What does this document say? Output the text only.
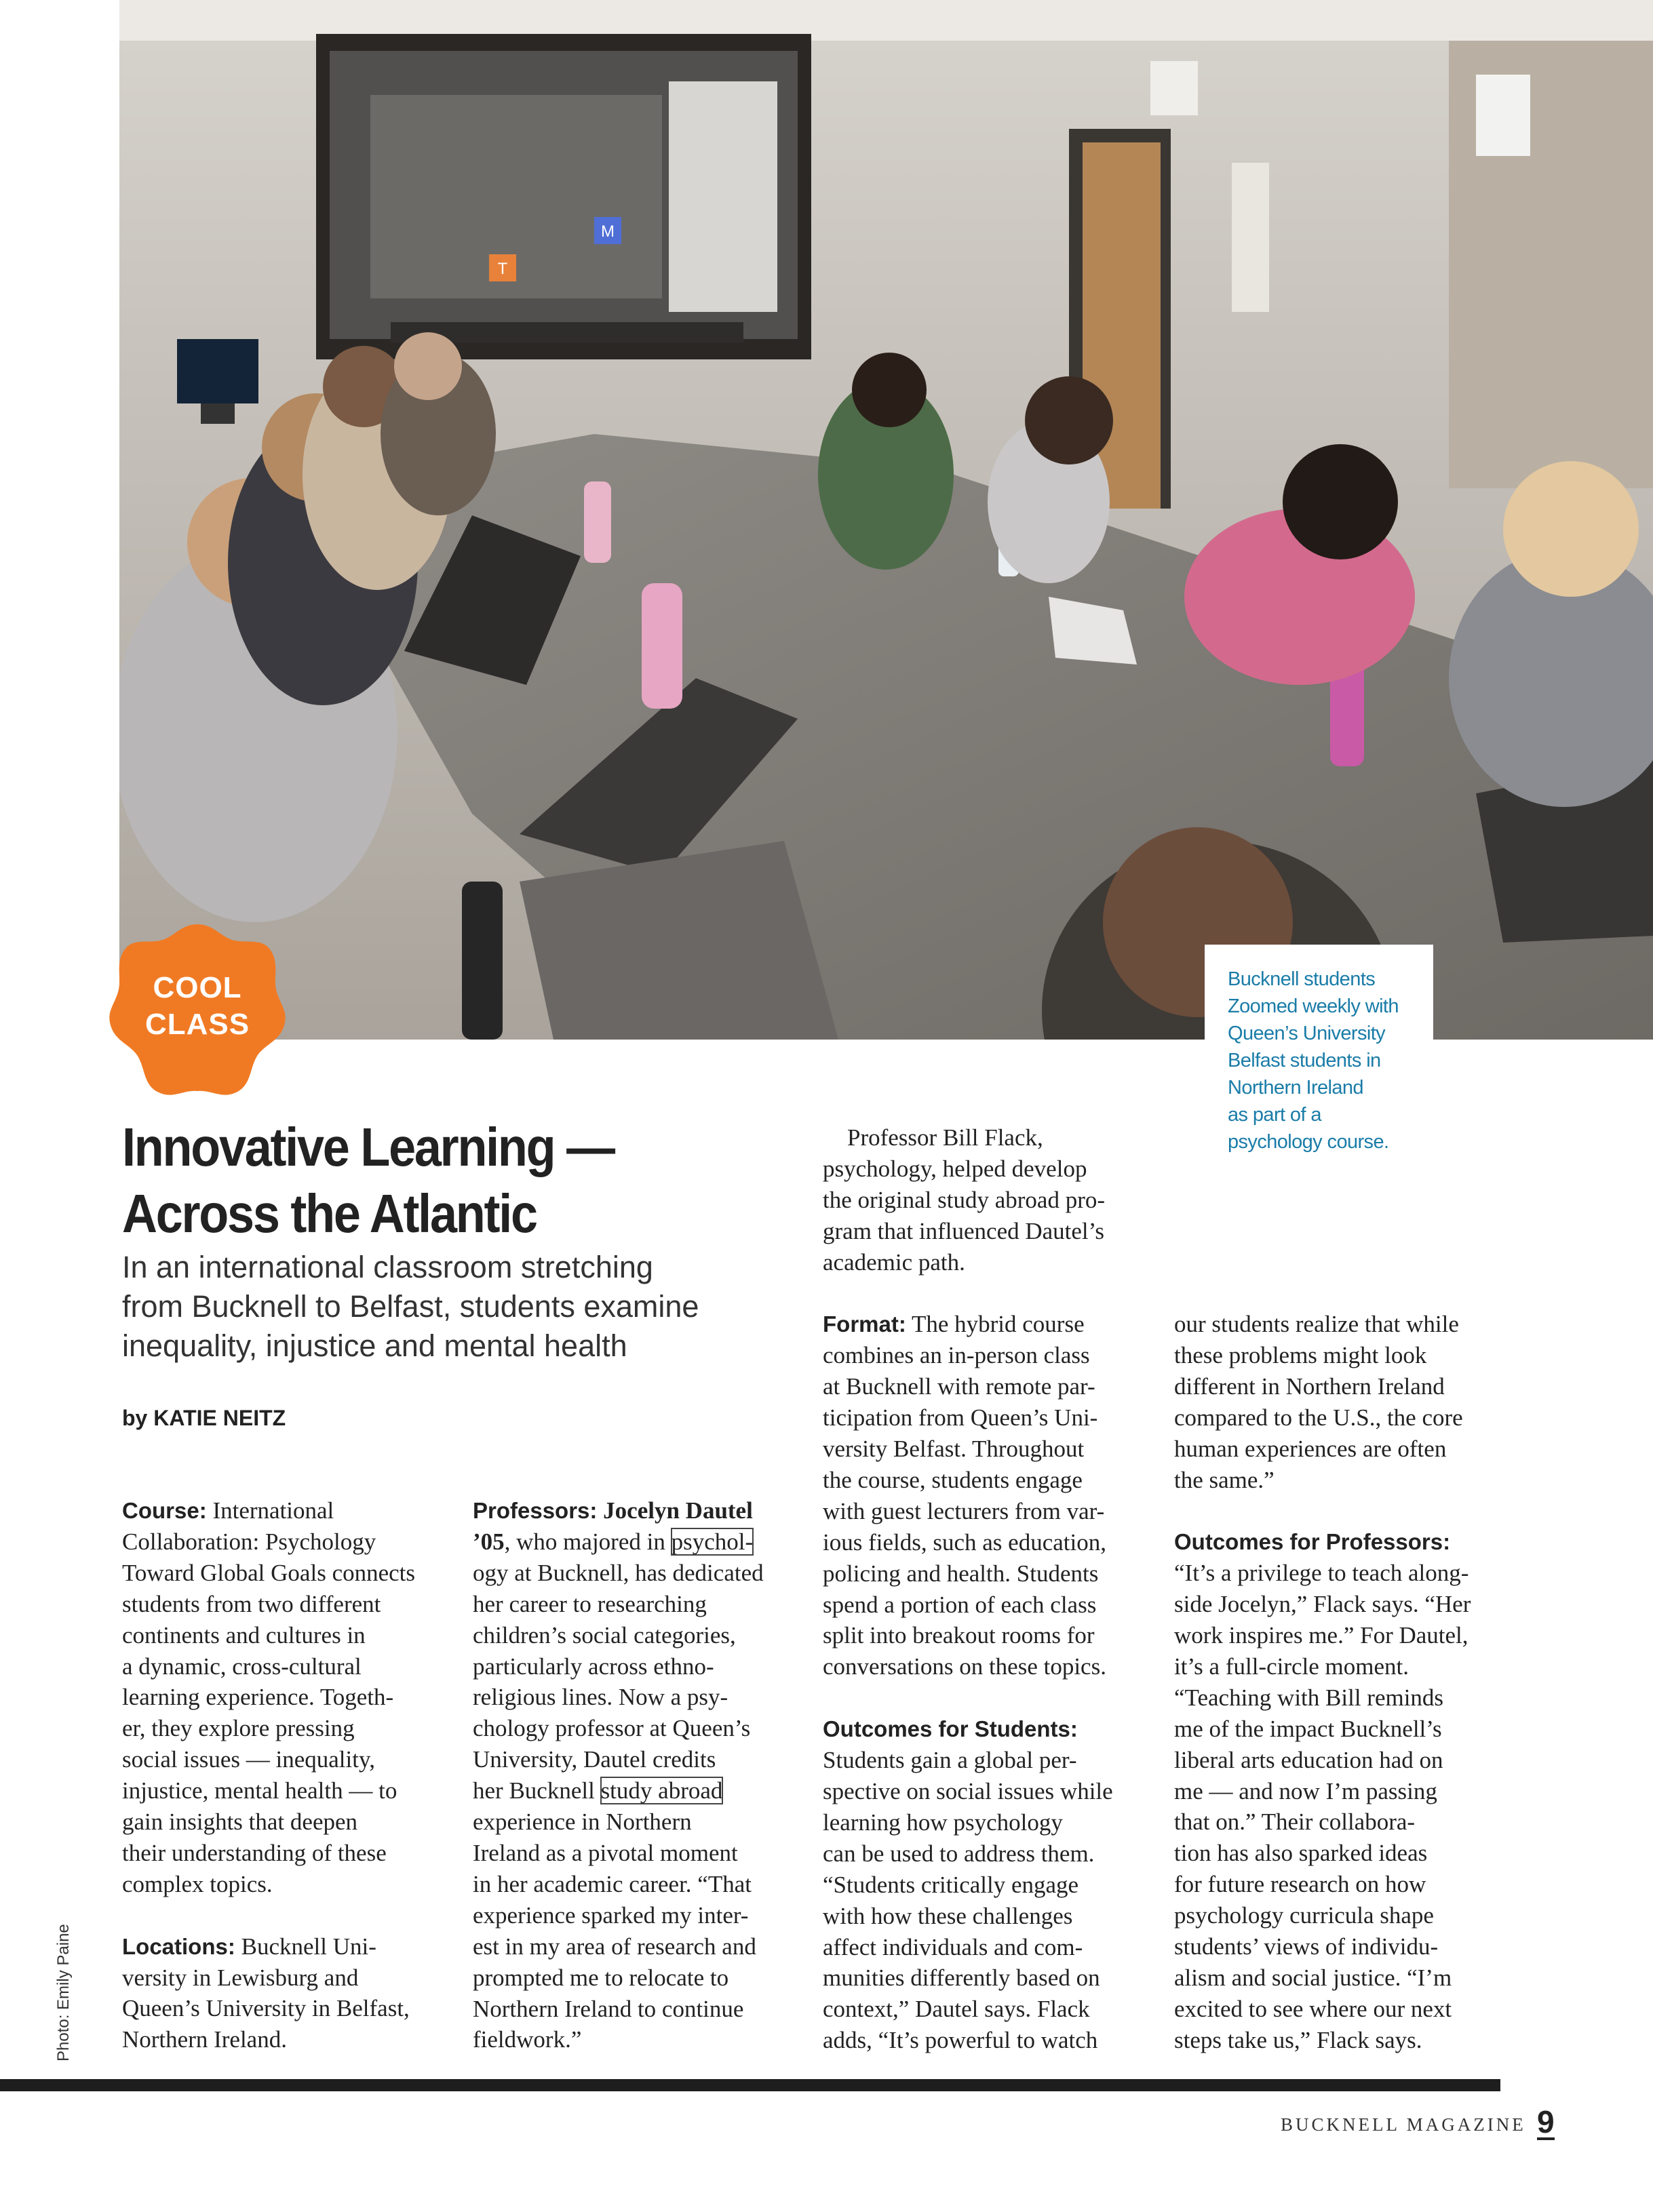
M
T
COOL
CLASS
Bucknell students
Zoomed weekly with
Queen’s University
Belfast students in
Northern Ireland
as part of a
psychology course.
Innovative Learning —
Across the Atlantic
In an international classroom stretching
from Bucknell to Belfast, students examine
inequality, injustice and mental health
by KATIE NEITZ

Course: International

Collaboration: Psychology

Toward Global Goals connects

students from two different

continents and cultures in

a dynamic, cross-cultural

learning experience. Togeth-

er, they explore pressing

social issues — inequality,

injustice, mental health — to

gain insights that deepen

their understanding of these

complex topics.

Locations: Bucknell Uni-

versity in Lewisburg and

Queen’s University in Belfast,

Northern Ireland.

Professors: Jocelyn Dautel

’05, who majored in psychol-

ogy at Bucknell, has dedicated

her career to researching

children’s social categories,

particularly across ethno-

religious lines. Now a psy-

chology professor at Queen’s

University, Dautel credits

her Bucknell study abroad

experience in Northern

Ireland as a pivotal moment

in her academic career. “That

experience sparked my inter-

est in my area of research and

prompted me to relocate to

Northern Ireland to continue

fieldwork.”

Professor Bill Flack,

psychology, helped develop

the original study abroad pro-

gram that influenced Dautel’s

academic path.

Format: The hybrid course

combines an in-person class

at Bucknell with remote par-

ticipation from Queen’s Uni-

versity Belfast. Throughout

the course, students engage

with guest lecturers from var-

ious fields, such as education,

policing and health. Students

spend a portion of each class

split into breakout rooms for

conversations on these topics.

Outcomes for Students:

Students gain a global per-

spective on social issues while

learning how psychology

can be used to address them.

“Students critically engage

with how these challenges

affect individuals and com-

munities differently based on

context,” Dautel says. Flack

adds, “It’s powerful to watch

our students realize that while

these problems might look

different in Northern Ireland

compared to the U.S., the core

human experiences are often

the same.”

Outcomes for Professors:

“It’s a privilege to teach along-

side Jocelyn,” Flack says. “Her

work inspires me.” For Dautel,

it’s a full-circle moment.

“Teaching with Bill reminds

me of the impact Bucknell’s

liberal arts education had on

me — and now I’m passing

that on.” Their collabora-

tion has also sparked ideas

for future research on how

psychology curricula shape

students’ views of individu-

alism and social justice. “I’m

excited to see where our next

steps take us,” Flack says.

Photo: Emily Paine
BUCKNELL MAGAZINE 9
